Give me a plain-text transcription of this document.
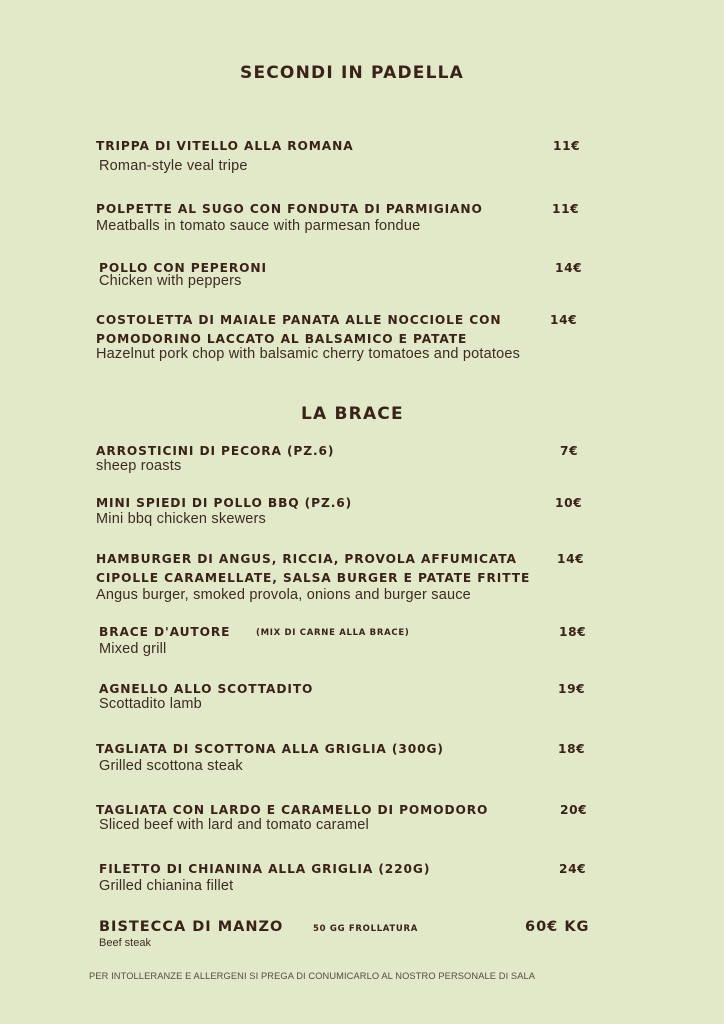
SECONDI IN PADELLA
TRIPPA DI VITELLO ALLA ROMANA	11€
Roman-style veal tripe
POLPETTE AL SUGO CON FONDUTA DI PARMIGIANO	11€
Meatballs in tomato sauce with parmesan fondue
POLLO CON PEPERONI	14€
Chicken with peppers
COSTOLETTA DI MAIALE PANATA ALLE NOCCIOLE CON	14€
POMODORINO LACCATO AL BALSAMICO E PATATE
Hazelnut pork chop with balsamic cherry tomatoes and potatoes
LA BRACE
ARROSTICINI DI PECORA (PZ.6)	7€
sheep roasts
MINI SPIEDI DI POLLO BBQ (PZ.6)	10€
Mini bbq chicken skewers
HAMBURGER DI ANGUS, RICCIA, PROVOLA AFFUMICATA	14€
CIPOLLE CARAMELLATE, SALSA BURGER E PATATE FRITTE
Angus burger, smoked provola, onions and burger sauce
BRACE D'AUTORE	(MIX DI CARNE ALLA BRACE)	18€
Mixed grill
AGNELLO ALLO SCOTTADITO	19€
Scottadito lamb
TAGLIATA DI SCOTTONA ALLA GRIGLIA (300G)	18€
Grilled scottona steak
TAGLIATA CON LARDO E CARAMELLO DI POMODORO	20€
Sliced beef with lard and tomato caramel
FILETTO DI CHIANINA ALLA GRIGLIA (220G)	24€
Grilled chianina fillet
BISTECCA DI MANZO	50 GG FROLLATURA	60€ KG
Beef steak
PER INTOLLERANZE E ALLERGENI SI PREGA DI CONUMICARLO AL NOSTRO PERSONALE DI SALA
